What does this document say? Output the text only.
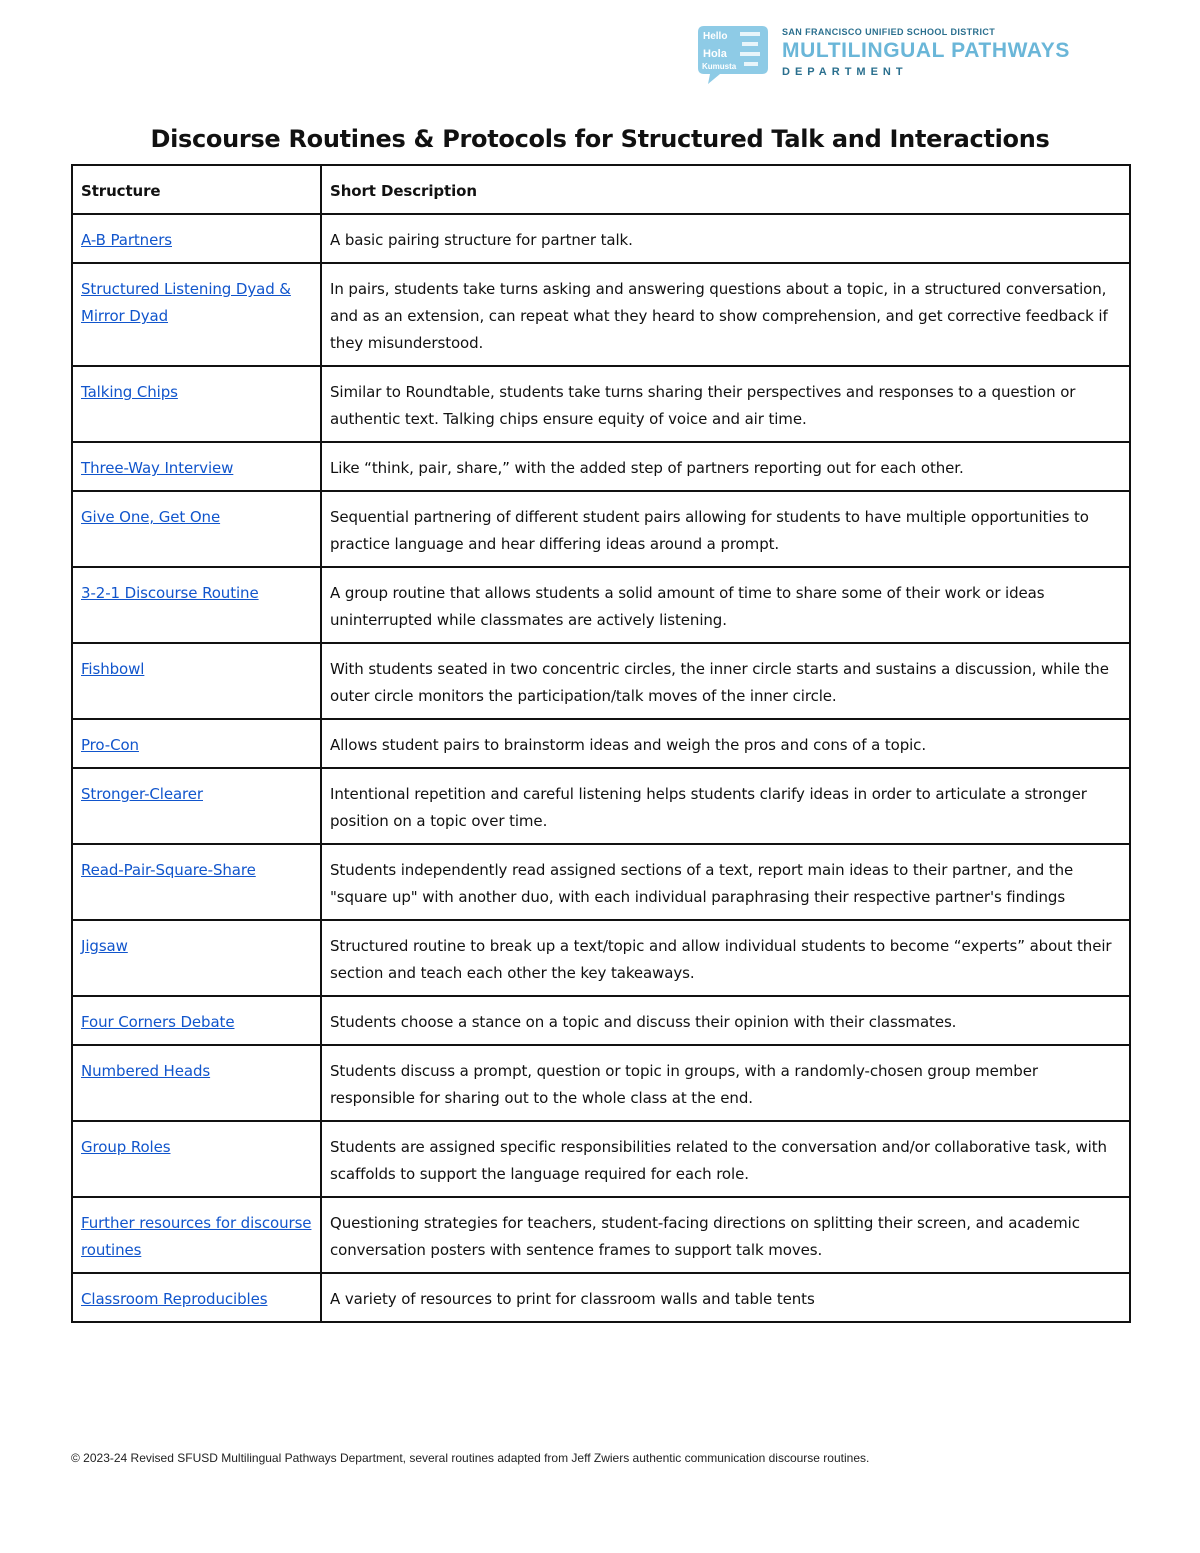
Hello
Hola
Kumusta
SAN FRANCISCO UNIFIED SCHOOL DISTRICT
MULTILINGUAL PATHWAYS
DEPARTMENT
Discourse Routines & Protocols for Structured Talk and Interactions
Structure	Short Description
A-B Partners	A basic pairing structure for partner talk.
Structured Listening Dyad & Mirror Dyad	In pairs, students take turns asking and answering questions about a topic, in a structured conversation, and as an extension, can repeat what they heard to show comprehension, and get corrective feedback if they misunderstood.
Talking Chips	Similar to Roundtable, students take turns sharing their perspectives and responses to a question or authentic text. Talking chips ensure equity of voice and air time.
Three-Way Interview	Like “think, pair, share,” with the added step of partners reporting out for each other.
Give One, Get One	Sequential partnering of different student pairs allowing for students to have multiple opportunities to practice language and hear differing ideas around a prompt.
3-2-1 Discourse Routine	A group routine that allows students a solid amount of time to share some of their work or ideas uninterrupted while classmates are actively listening.
Fishbowl	With students seated in two concentric circles, the inner circle starts and sustains a discussion, while the outer circle monitors the participation/talk moves of the inner circle.
Pro-Con	Allows student pairs to brainstorm ideas and weigh the pros and cons of a topic.
Stronger-Clearer	Intentional repetition and careful listening helps students clarify ideas in order to articulate a stronger position on a topic over time.
Read-Pair-Square-Share	Students independently read assigned sections of a text, report main ideas to their partner, and the "square up" with another duo, with each individual paraphrasing their respective partner's findings
Jigsaw	Structured routine to break up a text/topic and allow individual students to become “experts” about their section and teach each other the key takeaways.
Four Corners Debate	Students choose a stance on a topic and discuss their opinion with their classmates.
Numbered Heads	Students discuss a prompt, question or topic in groups, with a randomly-chosen group member responsible for sharing out to the whole class at the end.
Group Roles	Students are assigned specific responsibilities related to the conversation and/or collaborative task, with scaffolds to support the language required for each role.
Further resources for discourse routines	Questioning strategies for teachers, student-facing directions on splitting their screen, and academic conversation posters with sentence frames to support talk moves.
Classroom Reproducibles	A variety of resources to print for classroom walls and table tents
© 2023-24 Revised SFUSD Multilingual Pathways Department, several routines adapted from Jeff Zwiers authentic communication discourse routines.
